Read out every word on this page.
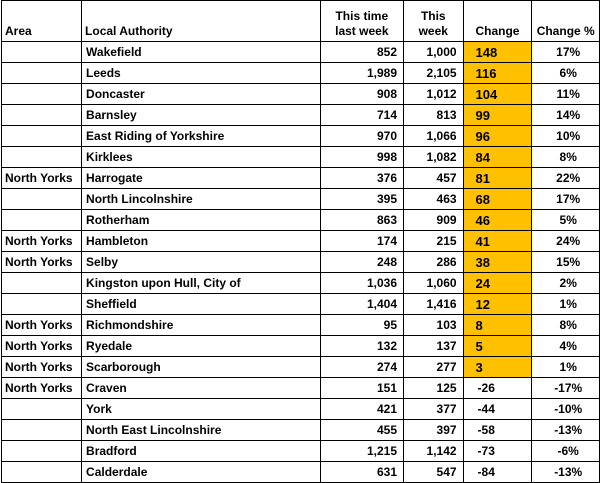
Area	Local Authority	This time last week	This week	Change	Change %
	Wakefield	852	1,000	148	17%
	Leeds	1,989	2,105	116	6%
	Doncaster	908	1,012	104	11%
	Barnsley	714	813	99	14%
	East Riding of Yorkshire	970	1,066	96	10%
	Kirklees	998	1,082	84	8%
North Yorks	Harrogate	376	457	81	22%
	North Lincolnshire	395	463	68	17%
	Rotherham	863	909	46	5%
North Yorks	Hambleton	174	215	41	24%
North Yorks	Selby	248	286	38	15%
	Kingston upon Hull, City of	1,036	1,060	24	2%
	Sheffield	1,404	1,416	12	1%
North Yorks	Richmondshire	95	103	8	8%
North Yorks	Ryedale	132	137	5	4%
North Yorks	Scarborough	274	277	3	1%
North Yorks	Craven	151	125	-26	-17%
	York	421	377	-44	-10%
	North East Lincolnshire	455	397	-58	-13%
	Bradford	1,215	1,142	-73	-6%
	Calderdale	631	547	-84	-13%
